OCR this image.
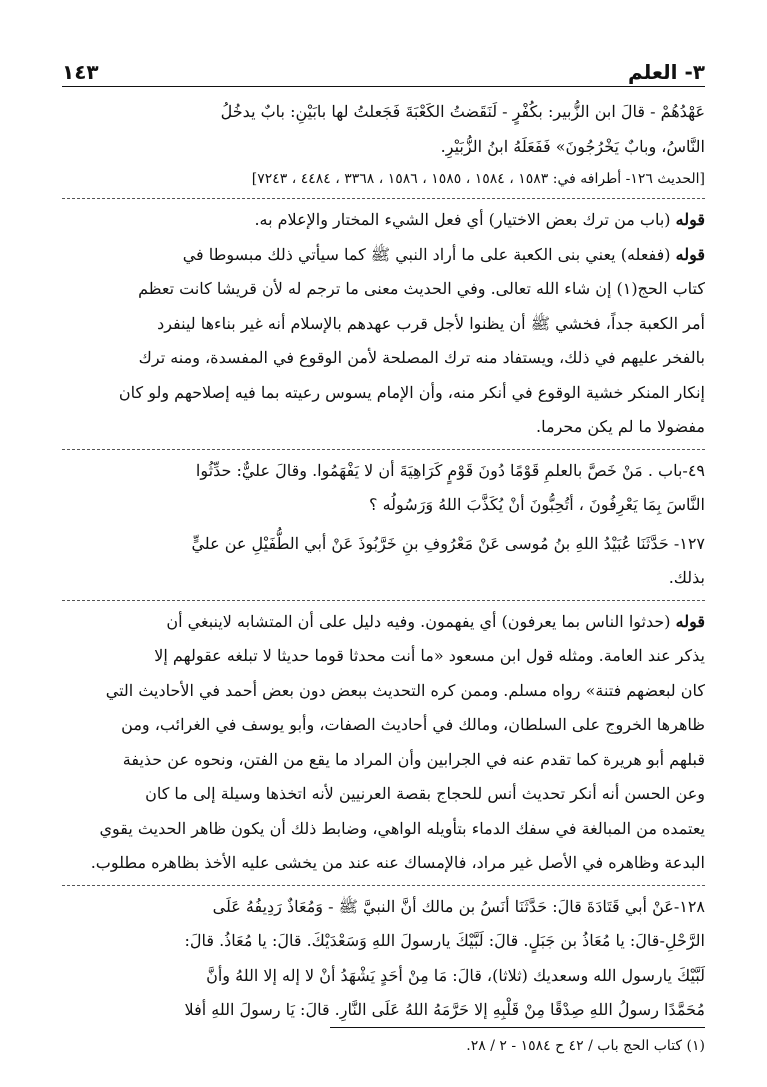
١٤٣	٣- العلم

عَهْدُهُمْ - قالَ ابن الزُّبير: بكُفْرٍ - لَنَقَضتُ الكَعْبَةَ فَجَعلتُ لها بابَيْنِ: بابٌ يدخُلُ

النَّاسُ، وبابٌ يَخْرُجُونَ» فَفَعَلَهُ ابنُ الزُّبَيْرِ.

[الحديث ١٢٦- أطرافه في: ١٥٨٣ ، ١٥٨٤ ، ١٥٨٥ ، ١٥٨٦ ، ٣٣٦٨ ، ٤٤٨٤ ، ٧٢٤٣]

قوله (باب من ترك بعض الاختيار) أي فعل الشيء المختار والإعلام به.

قوله (ففعله) يعني بنى الكعبة على ما أراد النبي ﷺ كما سيأتي ذلك مبسوطا في

كتاب الحج(١) إن شاء الله تعالى. وفي الحديث معنى ما ترجم له لأن قريشا كانت تعظم

أمر الكعبة جداً، فخشي ﷺ أن يظنوا لأجل قرب عهدهم بالإسلام أنه غير بناءها لينفرد

بالفخر عليهم في ذلك، ويستفاد منه ترك المصلحة لأمن الوقوع في المفسدة، ومنه ترك

إنكار المنكر خشية الوقوع في أنكر منه، وأن الإمام يسوس رعيته بما فيه إصلاحهم ولو كان

مفضولا ما لم يكن محرما.

٤٩-باب . مَنْ خَصَّ بالعلمِ قَوْمًا دُونَ قَوْمٍ كَرَاهِيَةَ أن لا يَفْهَمُوا. وقالَ عليٌّ: حدِّثُوا

النَّاسَ بِمَا يَعْرِفُونَ ، أتُحِبُّونَ أنْ يُكَذَّبَ اللهُ وَرَسُولُه ؟

١٢٧- حَدَّثَنَا عُبَيْدُ اللهِ بنُ مُوسى عَنْ مَعْرُوفِ بنِ خَرَّبُوذَ عَنْ أبي الطُّفَيْلِ عن عليٍّ

بذلك.

قوله (حدثوا الناس بما يعرفون) أي يفهمون. وفيه دليل على أن المتشابه لاينبغي أن

يذكر عند العامة. ومثله قول ابن مسعود «ما أنت محدثا قوما حديثا لا تبلغه عقولهم إلا

كان لبعضهم فتنة» رواه مسلم. وممن كره التحديث ببعض دون بعض أحمد في الأحاديث التي

ظاهرها الخروج على السلطان، ومالك في أحاديث الصفات، وأبو يوسف في الغرائب، ومن

قبلهم أبو هريرة كما تقدم عنه في الجرابين وأن المراد ما يقع من الفتن، ونحوه عن حذيفة

وعن الحسن أنه أنكر تحديث أنس للحجاج بقصة العرنيين لأنه اتخذها وسيلة إلى ما كان

يعتمده من المبالغة في سفك الدماء بتأويله الواهي، وضابط ذلك أن يكون ظاهر الحديث يقوي

البدعة وظاهره في الأصل غير مراد، فالإمساك عنه عند من يخشى عليه الأخذ بظاهره مطلوب.

١٢٨-عَنْ أبي قَتَادَةَ قالَ: حَدَّثَنَا أنَسُ بن مالك أنَّ النبيَّ ﷺ - وَمُعَاذٌ رَدِيفُهُ عَلَى

الرَّحْلِ-قالَ: يا مُعَاذُ بن جَبَلٍ. قالَ: لَبَّيْكَ يارسولَ اللهِ وَسَعْدَيْكَ. قالَ: يا مُعَاذُ. قالَ:

لَبَّيْكَ يارسول الله وسعديك (ثلاثا)، قالَ: مَا مِنْ أحَدٍ يَشْهَدُ أنْ لا إله إلا اللهُ وأنَّ

مُحَمَّدًا رسولُ اللهِ صِدْقًا مِنْ قَلْبِهِ إلا حَرَّمَهُ اللهُ عَلَى النَّارِ. قالَ: يَا رسولَ اللهِ أفلا

(١) كتاب الحج باب / ٤٢ ح ١٥٨٤ - ٢ / ٢٨.
